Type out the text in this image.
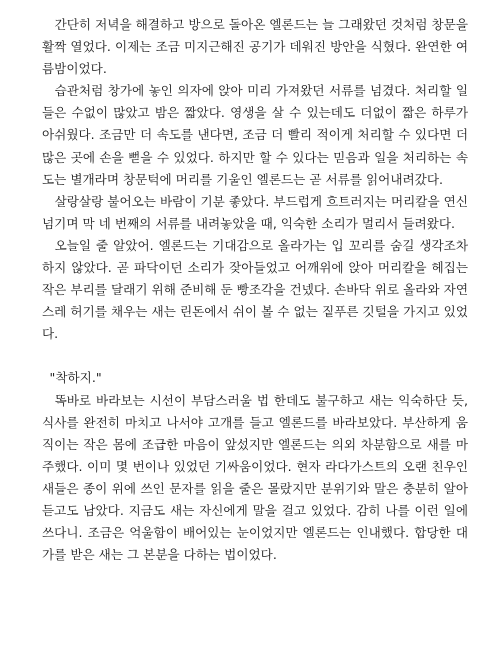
간단히 저녁을 해결하고 방으로 돌아온 엘론드는 늘 그래왔던 것처럼 창문을 활짝 열었다. 이제는 조금 미지근해진 공기가 데워진 방안을 식혔다. 완연한 여름밤이었다.

습관처럼 창가에 놓인 의자에 앉아 미리 가져왔던 서류를 넘겼다. 처리할 일들은 수없이 많았고 밤은 짧았다. 영생을 살 수 있는데도 더없이 짧은 하루가 아쉬웠다. 조금만 더 속도를 낸다면, 조금 더 빨리 적이게 처리할 수 있다면 더 많은 곳에 손을 뻗을 수 있었다. 하지만 할 수 있다는 믿음과 일을 처리하는 속도는 별개라며 창문턱에 머리를 기울인 엘론드는 곧 서류를 읽어내려갔다.

살랑살랑 불어오는 바람이 기분 좋았다. 부드럽게 흐트러지는 머리칼을 연신 넘기며 막 네 번째의 서류를 내려놓았을 때, 익숙한 소리가 멀리서 들려왔다.

오늘일 줄 알았어. 엘론드는 기대감으로 올라가는 입 꼬리를 숨길 생각조차 하지 않았다. 곧 파닥이던 소리가 잦아들었고 어깨위에 앉아 머리칼을 헤집는 작은 부리를 달래기 위해 준비해 둔 빵조각을 건넸다. 손바닥 위로 올라와 자연스레 허기를 채우는 새는 린돈에서 쉬이 볼 수 없는 짙푸른 깃털을 가지고 있었다.

"착하지."

똑바로 바라보는 시선이 부담스러울 법 한데도 불구하고 새는 익숙하단 듯, 식사를 완전히 마치고 나서야 고개를 들고 엘론드를 바라보았다. 부산하게 움직이는 작은 몸에 조급한 마음이 앞섰지만 엘론드는 의외 차분함으로 새를 마주했다. 이미 몇 번이나 있었던 기싸움이었다. 현자 라다가스트의 오랜 친우인 새들은 종이 위에 쓰인 문자를 읽을 줄은 몰랐지만 분위기와 말은 충분히 알아듣고도 남았다. 지금도 새는 자신에게 말을 걸고 있었다. 감히 나를 이런 일에 쓰다니. 조금은 억울함이 배어있는 눈이었지만 엘론드는 인내했다. 합당한 대가를 받은 새는 그 본분을 다하는 법이었다.
